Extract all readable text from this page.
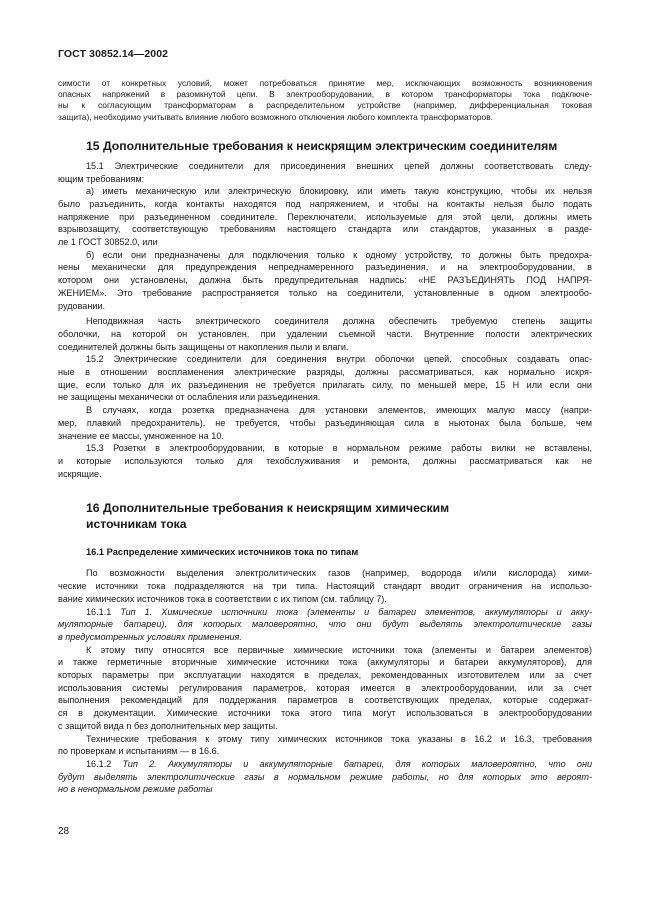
ГОСТ 30852.14—2002
симости от конкретных условий, может потребоваться принятие мер, исключающих возможность возникновения
опасных напряжений в разомкнутой цепи. В электрооборудовании, в котором трансформаторы тока подключе-
ны к согласующим трансформаторам в распределительном устройстве (например, дифференциальная токовая
защита), необходимо учитывать влияние любого возможного отключения любого комплекта трансформаторов.
15 Дополнительные требования к неискрящим электрическим соединителям
15.1 Электрические соединители для присоединения внешних цепей должны соответствовать следу-
ющим требованиям:
а) иметь механическую или электрическую блокировку, или иметь такую конструкцию, чтобы их нельзя
было разъединить, когда контакты находятся под напряжением, и чтобы на контакты нельзя было подать
напряжение при разъединенном соединителе. Переключатели, используемые для этой цели, должны иметь
взрывозащиту, соответствующую требованиям настоящего стандарта или стандартов, указанных в разде-
ле 1 ГОСТ 30852.0, или
б) если они предназначены для подключения только к одному устройству, то должны быть предохра-
нены механически для предупреждения непреднамеренного разъединения, и на электрооборудовании, в
котором они установлены, должна быть предупредительная надпись: «НЕ РАЗЪЕДИНЯТЬ ПОД НАПРЯ-
ЖЕНИЕМ». Это требование распространяется только на соединители, установленные в одном электрообо-
рудовании.
Неподвижная часть электрического соединителя должна обеспечить требуемую степень защиты
оболочки, на которой он установлен, при удалении съемной части. Внутренние полости электрических
соединителей должны быть защищены от накопления пыли и влаги.
15.2 Электрические соединители для соединения внутри оболочки цепей, способных создавать опас-
ные в отношении воспламенения электрические разряды, должны рассматриваться, как нормально искря-
щие, если только для их разъединения не требуется прилагать силу, по меньшей мере, 15 Н или если они
не защищены механически от ослабления или разъединения.
В случаях, когда розетка предназначена для установки элементов, имеющих малую массу (напри-
мер, плавкий предохранитель), не требуется, чтобы разъединяющая сила в ньютонах была больше, чем
значение ее массы, умноженное на 10.
15.3 Розетки в электрооборудовании, в которые в нормальном режиме работы вилки не вставлены,
и которые используются только для техобслуживания и ремонта, должны рассматриваться как не
искрящие.
16 Дополнительные требования к неискрящим химическим
источникам тока
16.1 Распределение химических источников тока по типам
По возможности выделения электролитических газов (например, водорода и/или кислорода) хими-
ческие источники тока подразделяются на три типа. Настоящий стандарт вводит ограничения на использо-
вание химических источников тока в соответствии с их типом (см. таблицу 7).
16.1.1 Тип 1. Химические источники тока (элементы и батареи элементов, аккумуляторы и акку-
муляторные батареи), для которых маловероятно, что они будут выделять электролитические газы
в предусмотренных условиях применения.
К этому типу относятся все первичные химические источники тока (элементы и батареи элементов)
и также герметичные вторичные химические источники тока (аккумуляторы и батареи аккумуляторов), для
которых параметры при эксплуатации находятся в пределах, рекомендованных изготовителем или за счет
использования системы регулирования параметров, которая имеется в электрооборудовании, или за счет
выполнения рекомендаций для поддержания параметров в соответствующих пределах, которые содержат-
ся в документации. Химические источники тока этого типа могут использоваться в электрооборудовании
с защитой вида n без дополнительных мер защиты.
Технические требования к этому типу химических источников тока указаны в 16.2 и 16.3, требования
по проверкам и испытаниям — в 16.6.
16.1.2 Тип 2. Аккумуляторы и аккумуляторные батареи, для которых маловероятно, что они
будут выделять электролитические газы в нормальном режиме работы, но для которых это вероят-
но в ненормальном режиме работы
28
